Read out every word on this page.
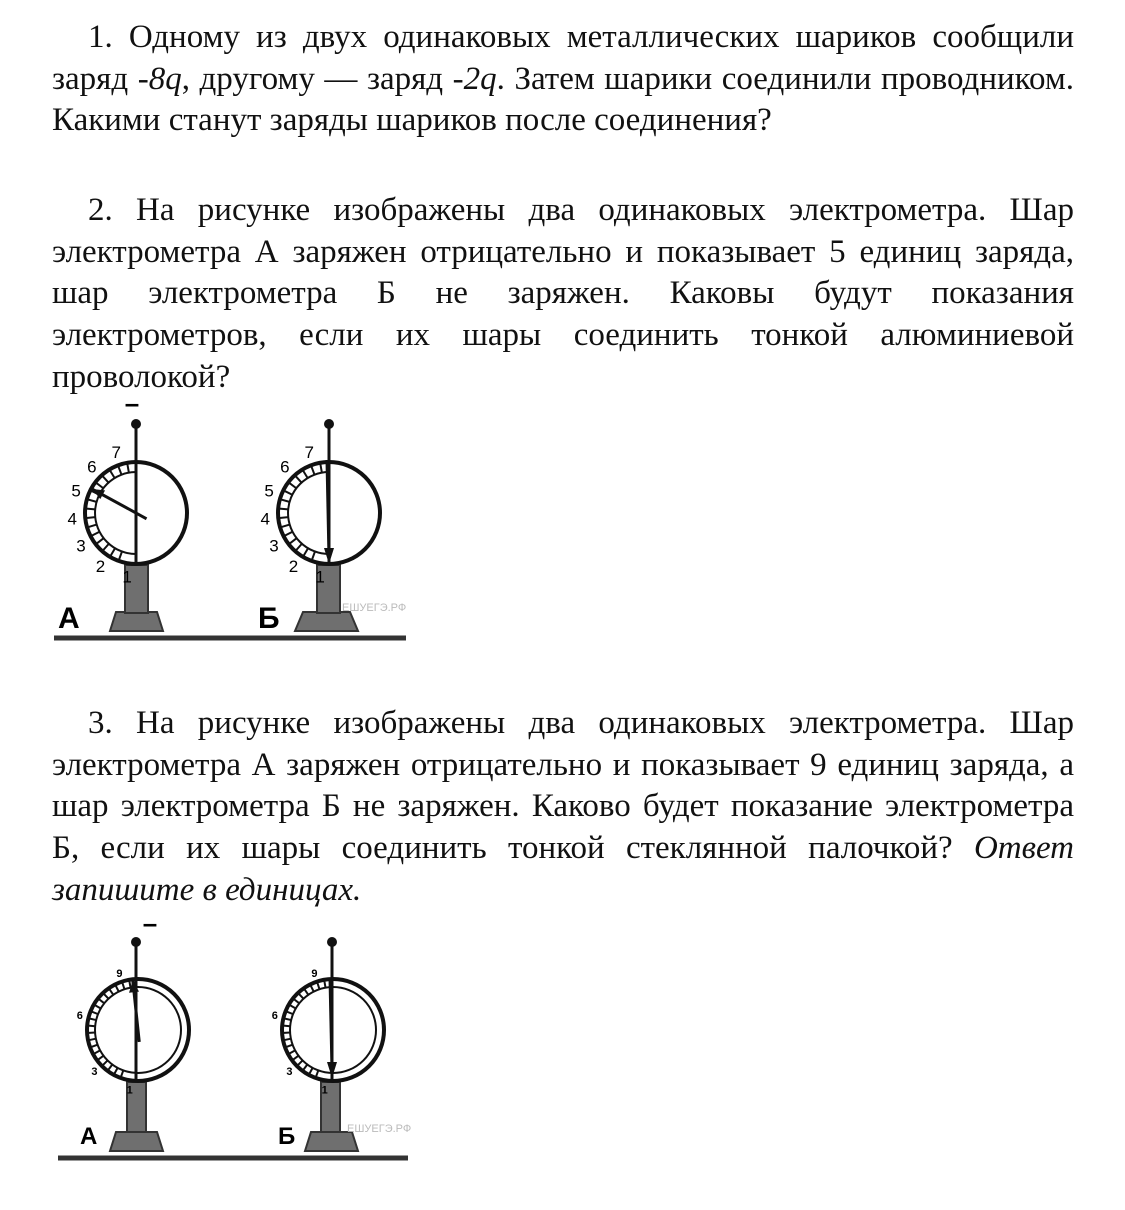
1. Одному из двух одинаковых металлических шариков сообщили заряд -8q, другому — заряд -2q. Затем шарики соединили проводником. Какими станут заряды шариков после соединения?

2. На рисунке изображены два одинаковых электрометра. Шар электрометра А заряжен отрицательно и показывает 5 единиц заряда, шар электрометра Б не заряжен. Каковы будут показания электрометров, если их шары соединить тонкой алюминиевой проволокой?

–
А
1
2
3
4
5
6
7
Б	ЕШУЕГЭ.РФ
1
2
3
4
5
6
7

3. На рисунке изображены два одинаковых электрометра. Шар электрометра А заряжен отрицательно и показывает 9 единиц заряда, а шар электрометра Б не заряжен. Каково будет показание электрометра Б, если их шары соединить тонкой стеклянной палочкой? Ответ запишите в единицах.

–
А
1
3
6
9
Б	ЕШУЕГЭ.РФ
1
3
6
9
